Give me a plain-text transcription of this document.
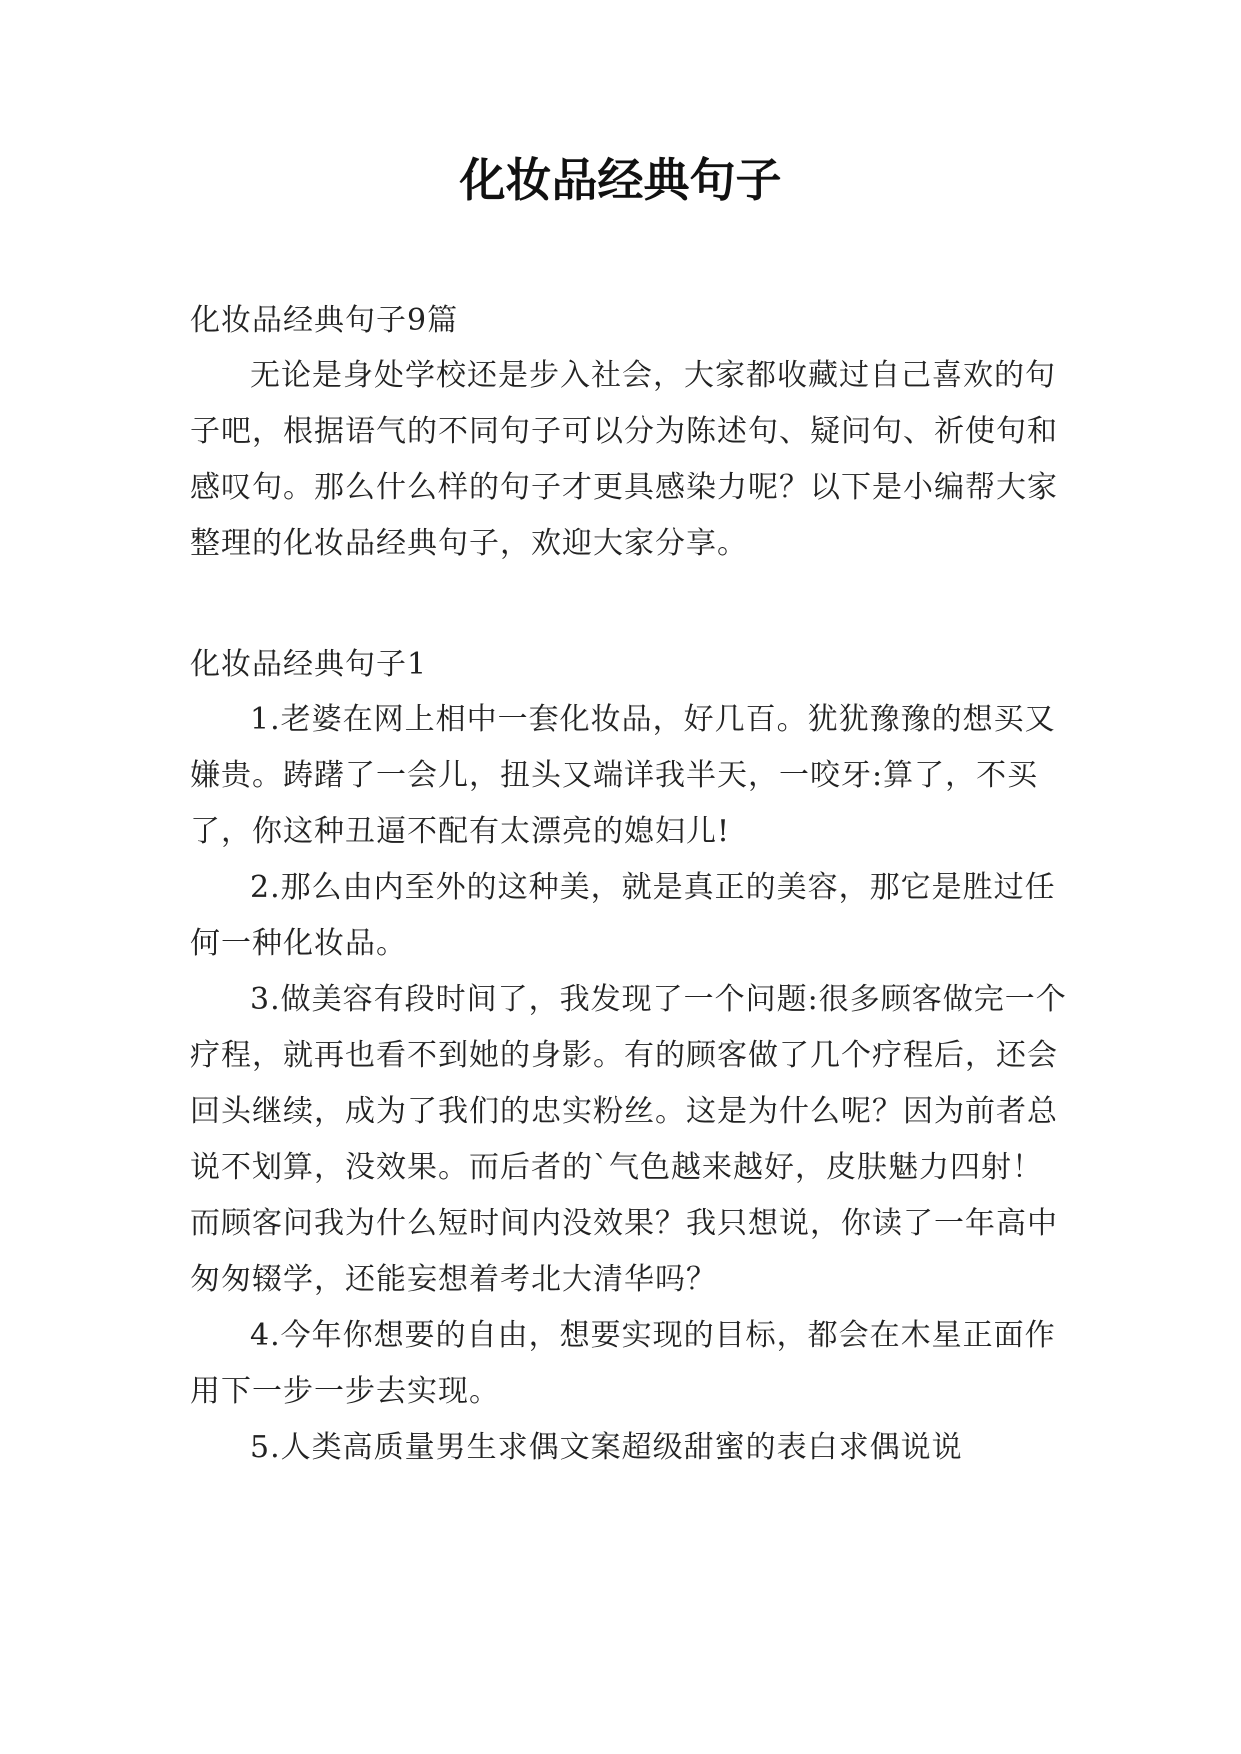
化妆品经典句子

化妆品经典句子9篇

无论是身处学校还是步入社会，大家都收藏过自己喜欢的句子吧，根据语气的不同句子可以分为陈述句、疑问句、祈使句和感叹句。那么什么样的句子才更具感染力呢？以下是小编帮大家整理的化妆品经典句子，欢迎大家分享。

化妆品经典句子1

1.老婆在网上相中一套化妆品，好几百。犹犹豫豫的想买又嫌贵。踌躇了一会儿，扭头又端详我半天，一咬牙:算了，不买了，你这种丑逼不配有太漂亮的媳妇儿!

2.那么由内至外的这种美，就是真正的美容，那它是胜过任何一种化妆品。

3.做美容有段时间了，我发现了一个问题:很多顾客做完一个疗程，就再也看不到她的身影。有的顾客做了几个疗程后，还会回头继续，成为了我们的忠实粉丝。这是为什么呢？因为前者总说不划算，没效果。而后者的`气色越来越好，皮肤魅力四射！而顾客问我为什么短时间内没效果？我只想说，你读了一年高中匆匆辍学，还能妄想着考北大清华吗？

4.今年你想要的自由，想要实现的目标，都会在木星正面作用下一步一步去实现。

5.人类高质量男生求偶文案超级甜蜜的表白求偶说说
